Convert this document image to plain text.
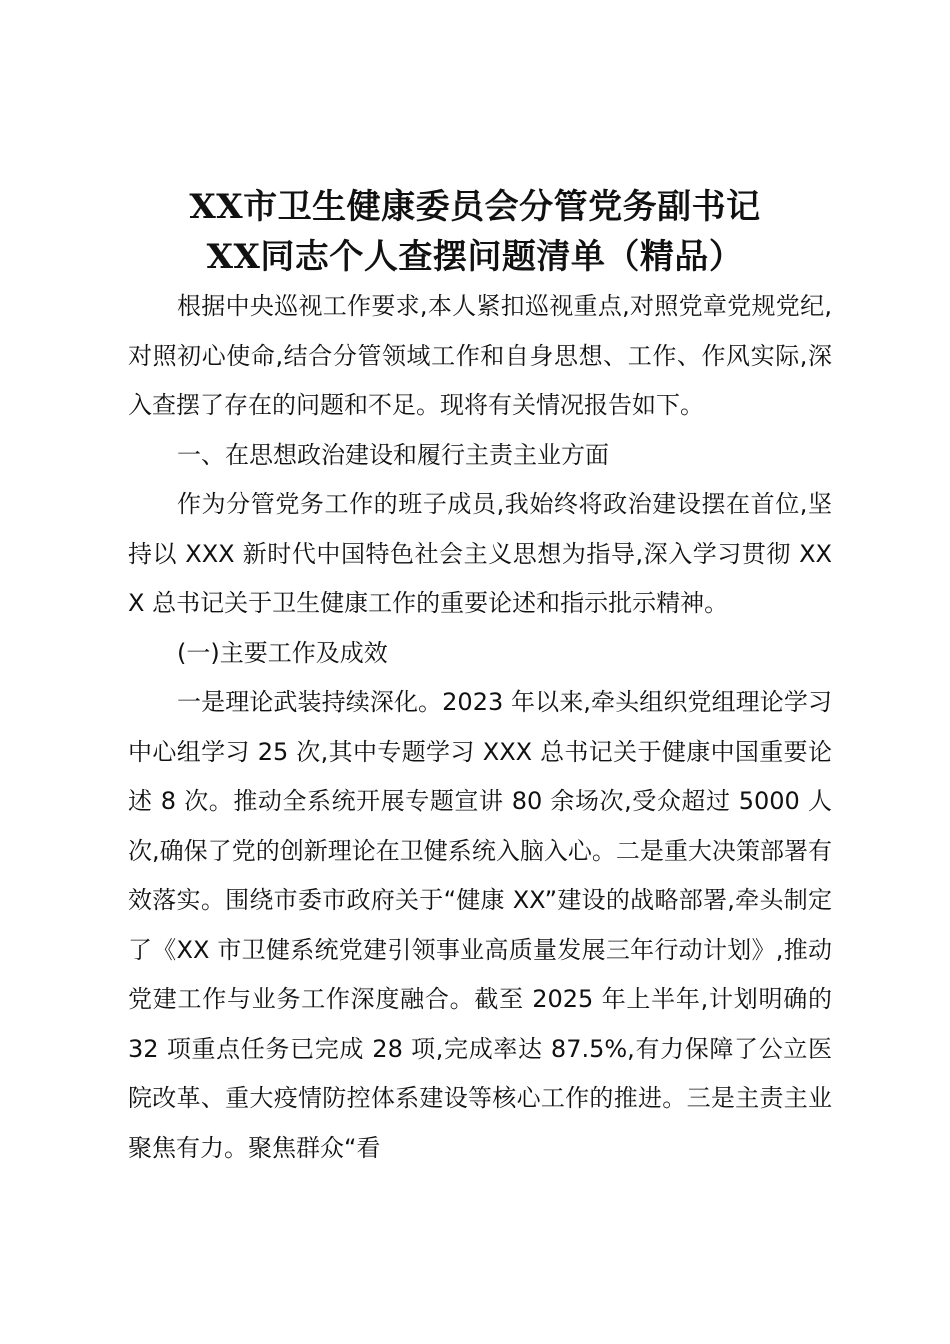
XX市卫生健康委员会分管党务副书记
XX同志个人查摆问题清单（精品）

根据中央巡视工作要求,本人紧扣巡视重点,对照党章党规党纪,对照初心使命,结合分管领域工作和自身思想、工作、作风实际,深入查摆了存在的问题和不足。现将有关情况报告如下。

一、在思想政治建设和履行主责主业方面

作为分管党务工作的班子成员,我始终将政治建设摆在首位,坚持以 XXX 新时代中国特色社会主义思想为指导,深入学习贯彻 XXX 总书记关于卫生健康工作的重要论述和指示批示精神。

(一)主要工作及成效

一是理论武装持续深化。2023 年以来,牵头组织党组理论学习中心组学习 25 次,其中专题学习 XXX 总书记关于健康中国重要论述 8 次。推动全系统开展专题宣讲 80 余场次,受众超过 5000 人次,确保了党的创新理论在卫健系统入脑入心。二是重大决策部署有效落实。围绕市委市政府关于“健康 XX”建设的战略部署,牵头制定了《XX 市卫健系统党建引领事业高质量发展三年行动计划》,推动党建工作与业务工作深度融合。截至 2025 年上半年,计划明确的 32 项重点任务已完成 28 项,完成率达 87.5%,有力保障了公立医院改革、重大疫情防控体系建设等核心工作的推进。三是主责主业聚焦有力。聚焦群众“看
